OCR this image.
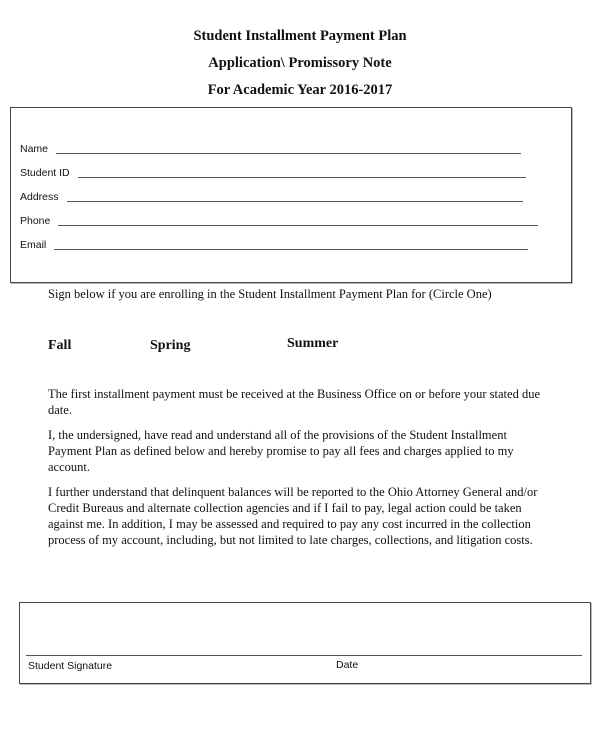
Student Installment Payment Plan
Application\ Promissory Note
For Academic Year 2016-2017
Name
Student ID
Address
Phone
Email
Sign below if you are enrolling in the Student Installment Payment Plan for (Circle One)
Fall	Spring	Summer
The first installment payment must be received at the Business Office on or before your stated due date.
I, the undersigned, have read and understand all of the provisions of the Student Installment Payment Plan as defined below and hereby promise to pay all fees and charges applied to my account.
I further understand that delinquent balances will be reported to the Ohio Attorney General and/or Credit Bureaus and alternate collection agencies and if I fail to pay, legal action could be taken against me. In addition, I may be assessed and required to pay any cost incurred in the collection process of my account, including, but not limited to late charges, collections, and litigation costs.
Student Signature	Date
